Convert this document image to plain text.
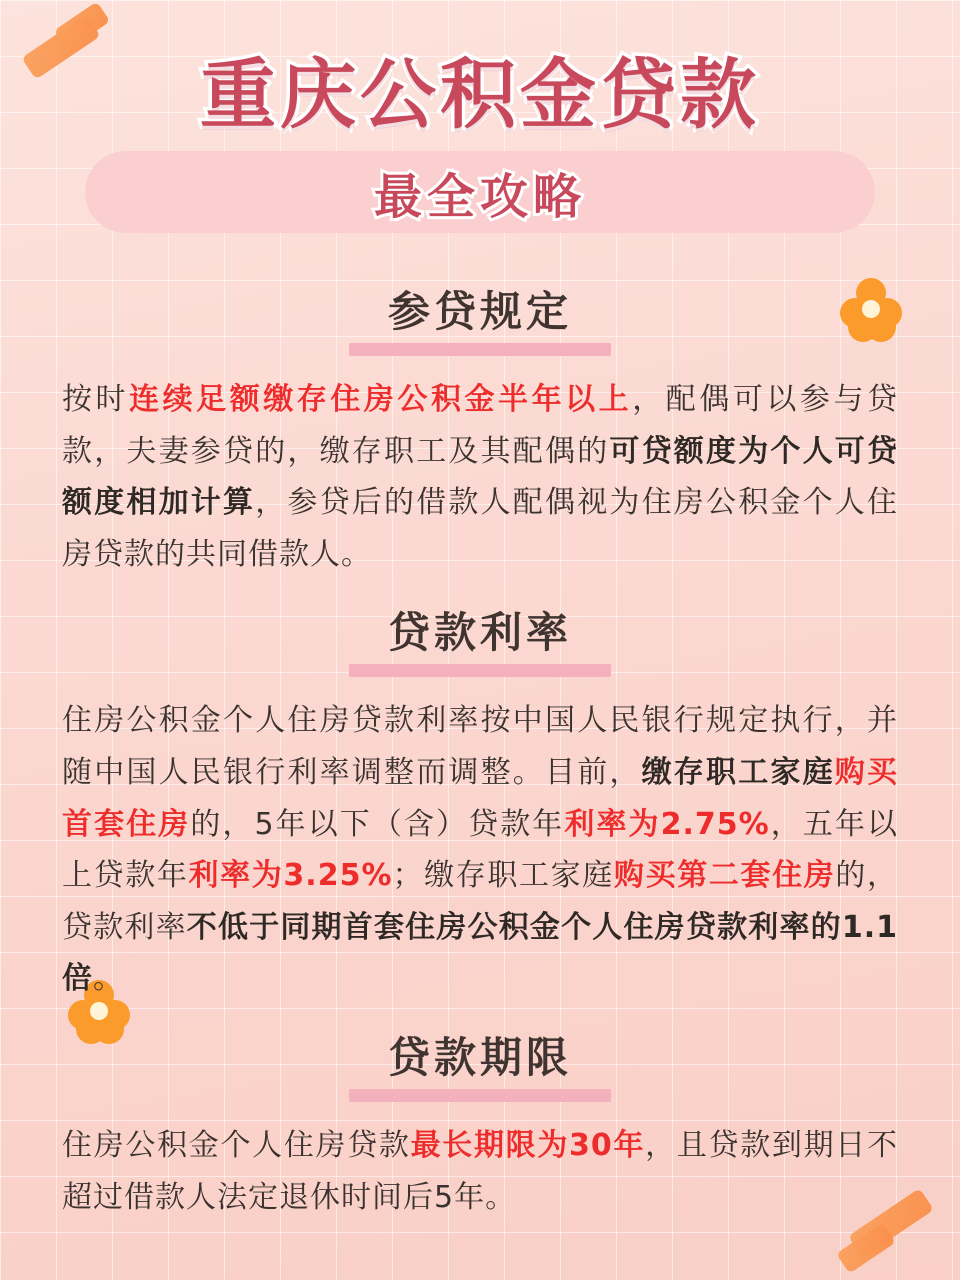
重庆公积金贷款
最全攻略
参贷规定

按时连续足额缴存住房公积金半年以上，配偶可以参与贷款，夫妻参贷的，缴存职工及其配偶的可贷额度为个人可贷额度相加计算，参贷后的借款人配偶视为住房公积金个人住房贷款的共同借款人。

贷款利率

住房公积金个人住房贷款利率按中国人民银行规定执行，并随中国人民银行利率调整而调整。目前，缴存职工家庭购买首套住房的，5年以下（含）贷款年利率为2.75%，五年以上贷款年利率为3.25%；缴存职工家庭购买第二套住房的，贷款利率不低于同期首套住房公积金个人住房贷款利率的1.1倍。

贷款期限

住房公积金个人住房贷款最长期限为30年，且贷款到期日不超过借款人法定退休时间后5年。
